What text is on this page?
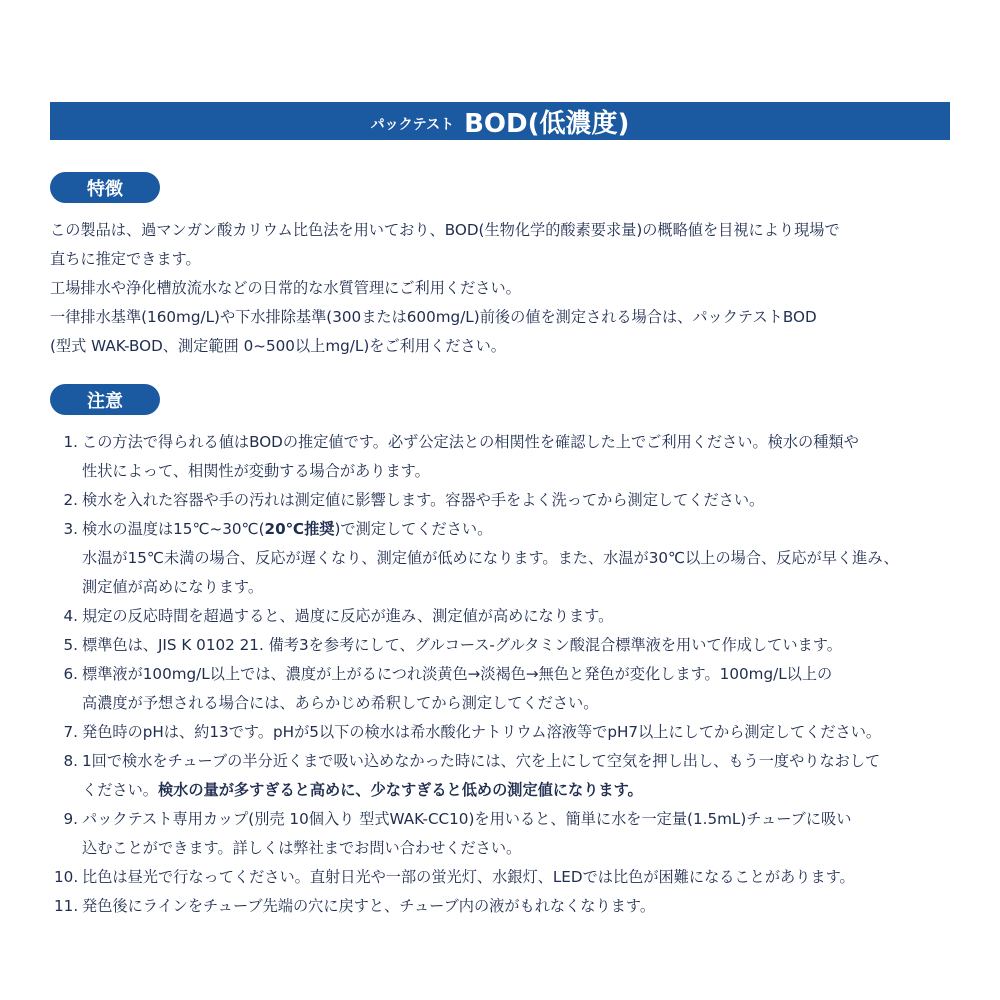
パックテスト BOD(低濃度)
特徴
この製品は、過マンガン酸カリウム比色法を用いており、BOD(生物化学的酸素要求量)の概略値を目視により現場で
直ちに推定できます。
工場排水や浄化槽放流水などの日常的な水質管理にご利用ください。
一律排水基準(160mg/L)や下水排除基準(300または600mg/L)前後の値を測定される場合は、パックテストBOD
(型式 WAK-BOD、測定範囲 0~500以上mg/L)をご利用ください。
注意
1. この方法で得られる値はBODの推定値です。必ず公定法との相関性を確認した上でご利用ください。検水の種類や
性状によって、相関性が変動する場合があります。
2. 検水を入れた容器や手の汚れは測定値に影響します。容器や手をよく洗ってから測定してください。
3. 検水の温度は15℃~30℃(20℃推奨)で測定してください。
水温が15℃未満の場合、反応が遅くなり、測定値が低めになります。また、水温が30℃以上の場合、反応が早く進み、
測定値が高めになります。
4. 規定の反応時間を超過すると、過度に反応が進み、測定値が高めになります。
5. 標準色は、JIS K 0102 21. 備考3を参考にして、グルコース-グルタミン酸混合標準液を用いて作成しています。
6. 標準液が100mg/L以上では、濃度が上がるにつれ淡黄色→淡褐色→無色と発色が変化します。100mg/L以上の
高濃度が予想される場合には、あらかじめ希釈してから測定してください。
7. 発色時のpHは、約13です。pHが5以下の検水は希水酸化ナトリウム溶液等でpH7以上にしてから測定してください。
8. 1回で検水をチューブの半分近くまで吸い込めなかった時には、穴を上にして空気を押し出し、もう一度やりなおして
ください。検水の量が多すぎると高めに、少なすぎると低めの測定値になります。
9. パックテスト専用カップ(別売 10個入り 型式WAK-CC10)を用いると、簡単に水を一定量(1.5mL)チューブに吸い
込むことができます。詳しくは弊社までお問い合わせください。
10. 比色は昼光で行なってください。直射日光や一部の蛍光灯、水銀灯、LEDでは比色が困難になることがあります。
11. 発色後にラインをチューブ先端の穴に戻すと、チューブ内の液がもれなくなります。
